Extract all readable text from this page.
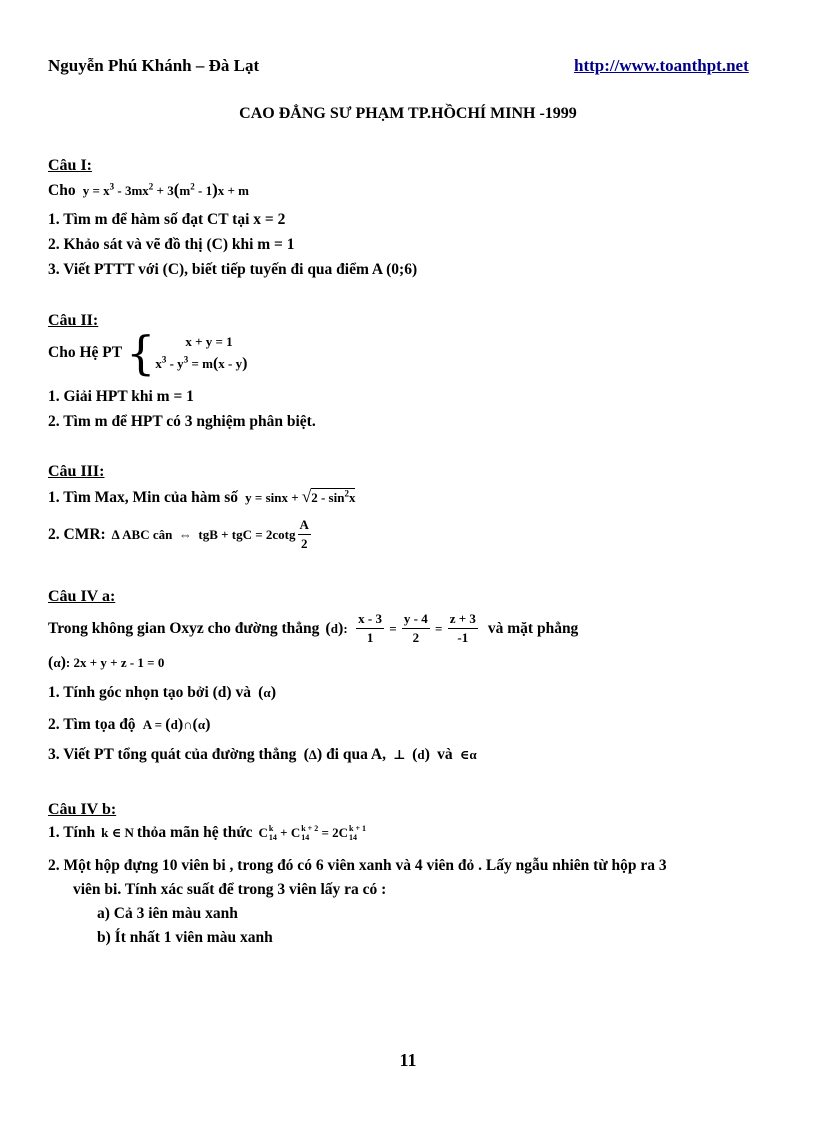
Nguyễn Phú Khánh – Đà Lạt	http://www.toanthpt.net
CAO ĐẲNG SƯ PHẠM TP.HỒCHÍ MINH -1999
Câu I:
Cho  $y = x^3 - 3mx^2 + 3(m^2 - 1)x + m$
1. Tìm m để hàm số đạt CT tại x = 2
2. Khảo sát và vẽ đồ thị (C) khi m = 1
3. Viết PTTT với (C), biết tiếp tuyến đi qua điểm A (0;6)
Câu II:
Cho Hệ PT {	x + y = 1
$x^3 - y^3 = m(x - y)$
1. Giải HPT khi m = 1
2. Tìm m để HPT có 3 nghiệm phân biệt.
Câu III:
1. Tìm Max, Min của hàm số  $y = \sin x + √2 - \sin^2x$
2. CMR: ∆ ABC cân  ⇔  tgB + tgC = $2\cot g \frac{A}{2}$
Câu IV a:
Trong không gian Oxyz cho đường thẳng (d): $\frac{x - 3}{1} = \frac{y - 4}{2} = \frac{z + 3}{-1}$ và mặt phẳng
(α): 2x + y + z - 1 = 0
1. Tính góc nhọn tạo bởi (d) và (α)
2. Tìm tọa độ  A = (d)∩(α)
3. Viết PT tổng quát của đường thẳng (∆) đi qua A,  ⊥  (d) và  ∈α
Câu IV b:
1. Tính k ∈ N thỏa mãn hệ thức C k
14 + C k + 2
14 = 2C k + 1
14
2. Một hộp đựng 10 viên bi , trong đó có 6 viên xanh và 4 viên đỏ . Lấy ngẫu nhiên từ hộp ra 3
viên bi. Tính xác suất để trong 3 viên lấy ra có :
a) Cả 3 iên màu xanh
b) Ít nhất 1 viên màu xanh
11
